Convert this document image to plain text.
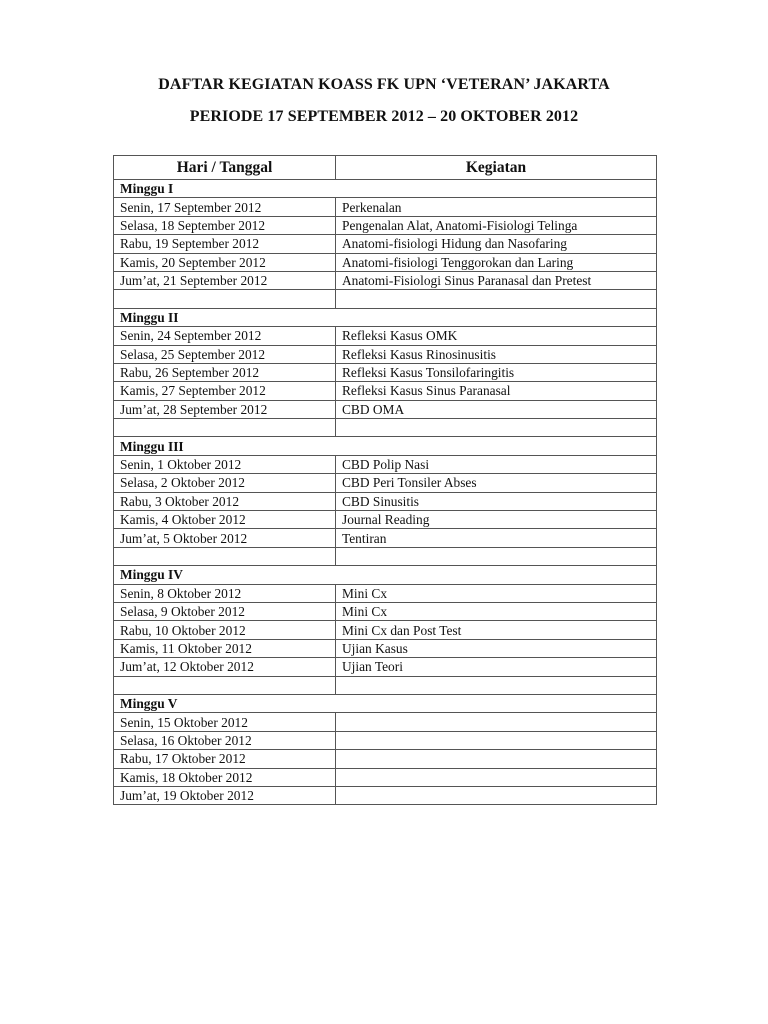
DAFTAR KEGIATAN KOASS FK UPN ‘VETERAN’ JAKARTA
PERIODE 17 SEPTEMBER 2012 – 20 OKTOBER 2012
Hari / Tanggal	Kegiatan
Minggu I	
Senin, 17 September 2012	Perkenalan
Selasa, 18 September 2012	Pengenalan Alat, Anatomi-Fisiologi Telinga
Rabu, 19 September 2012	Anatomi-fisiologi Hidung dan Nasofaring
Kamis, 20 September 2012	Anatomi-fisiologi Tenggorokan dan Laring
Jum’at, 21 September 2012	Anatomi-Fisiologi Sinus Paranasal dan Pretest

Minggu II	
Senin, 24 September 2012	Refleksi Kasus OMK
Selasa, 25 September 2012	Refleksi Kasus Rinosinusitis
Rabu, 26 September 2012	Refleksi Kasus Tonsilofaringitis
Kamis, 27 September 2012	Refleksi Kasus Sinus Paranasal
Jum’at, 28 September 2012	CBD OMA

Minggu III	
Senin, 1 Oktober 2012	CBD Polip Nasi
Selasa, 2 Oktober 2012	CBD Peri Tonsiler Abses
Rabu, 3 Oktober 2012	CBD Sinusitis
Kamis, 4 Oktober 2012	Journal Reading
Jum’at, 5 Oktober 2012	Tentiran

Minggu IV	
Senin, 8 Oktober 2012	Mini Cx
Selasa, 9 Oktober 2012	Mini Cx
Rabu, 10 Oktober 2012	Mini Cx dan Post Test
Kamis, 11 Oktober 2012	Ujian Kasus
Jum’at, 12 Oktober 2012	Ujian Teori

Minggu V	
Senin, 15 Oktober 2012	
Selasa, 16 Oktober 2012	
Rabu, 17 Oktober 2012	
Kamis, 18 Oktober 2012	
Jum’at, 19 Oktober 2012	
